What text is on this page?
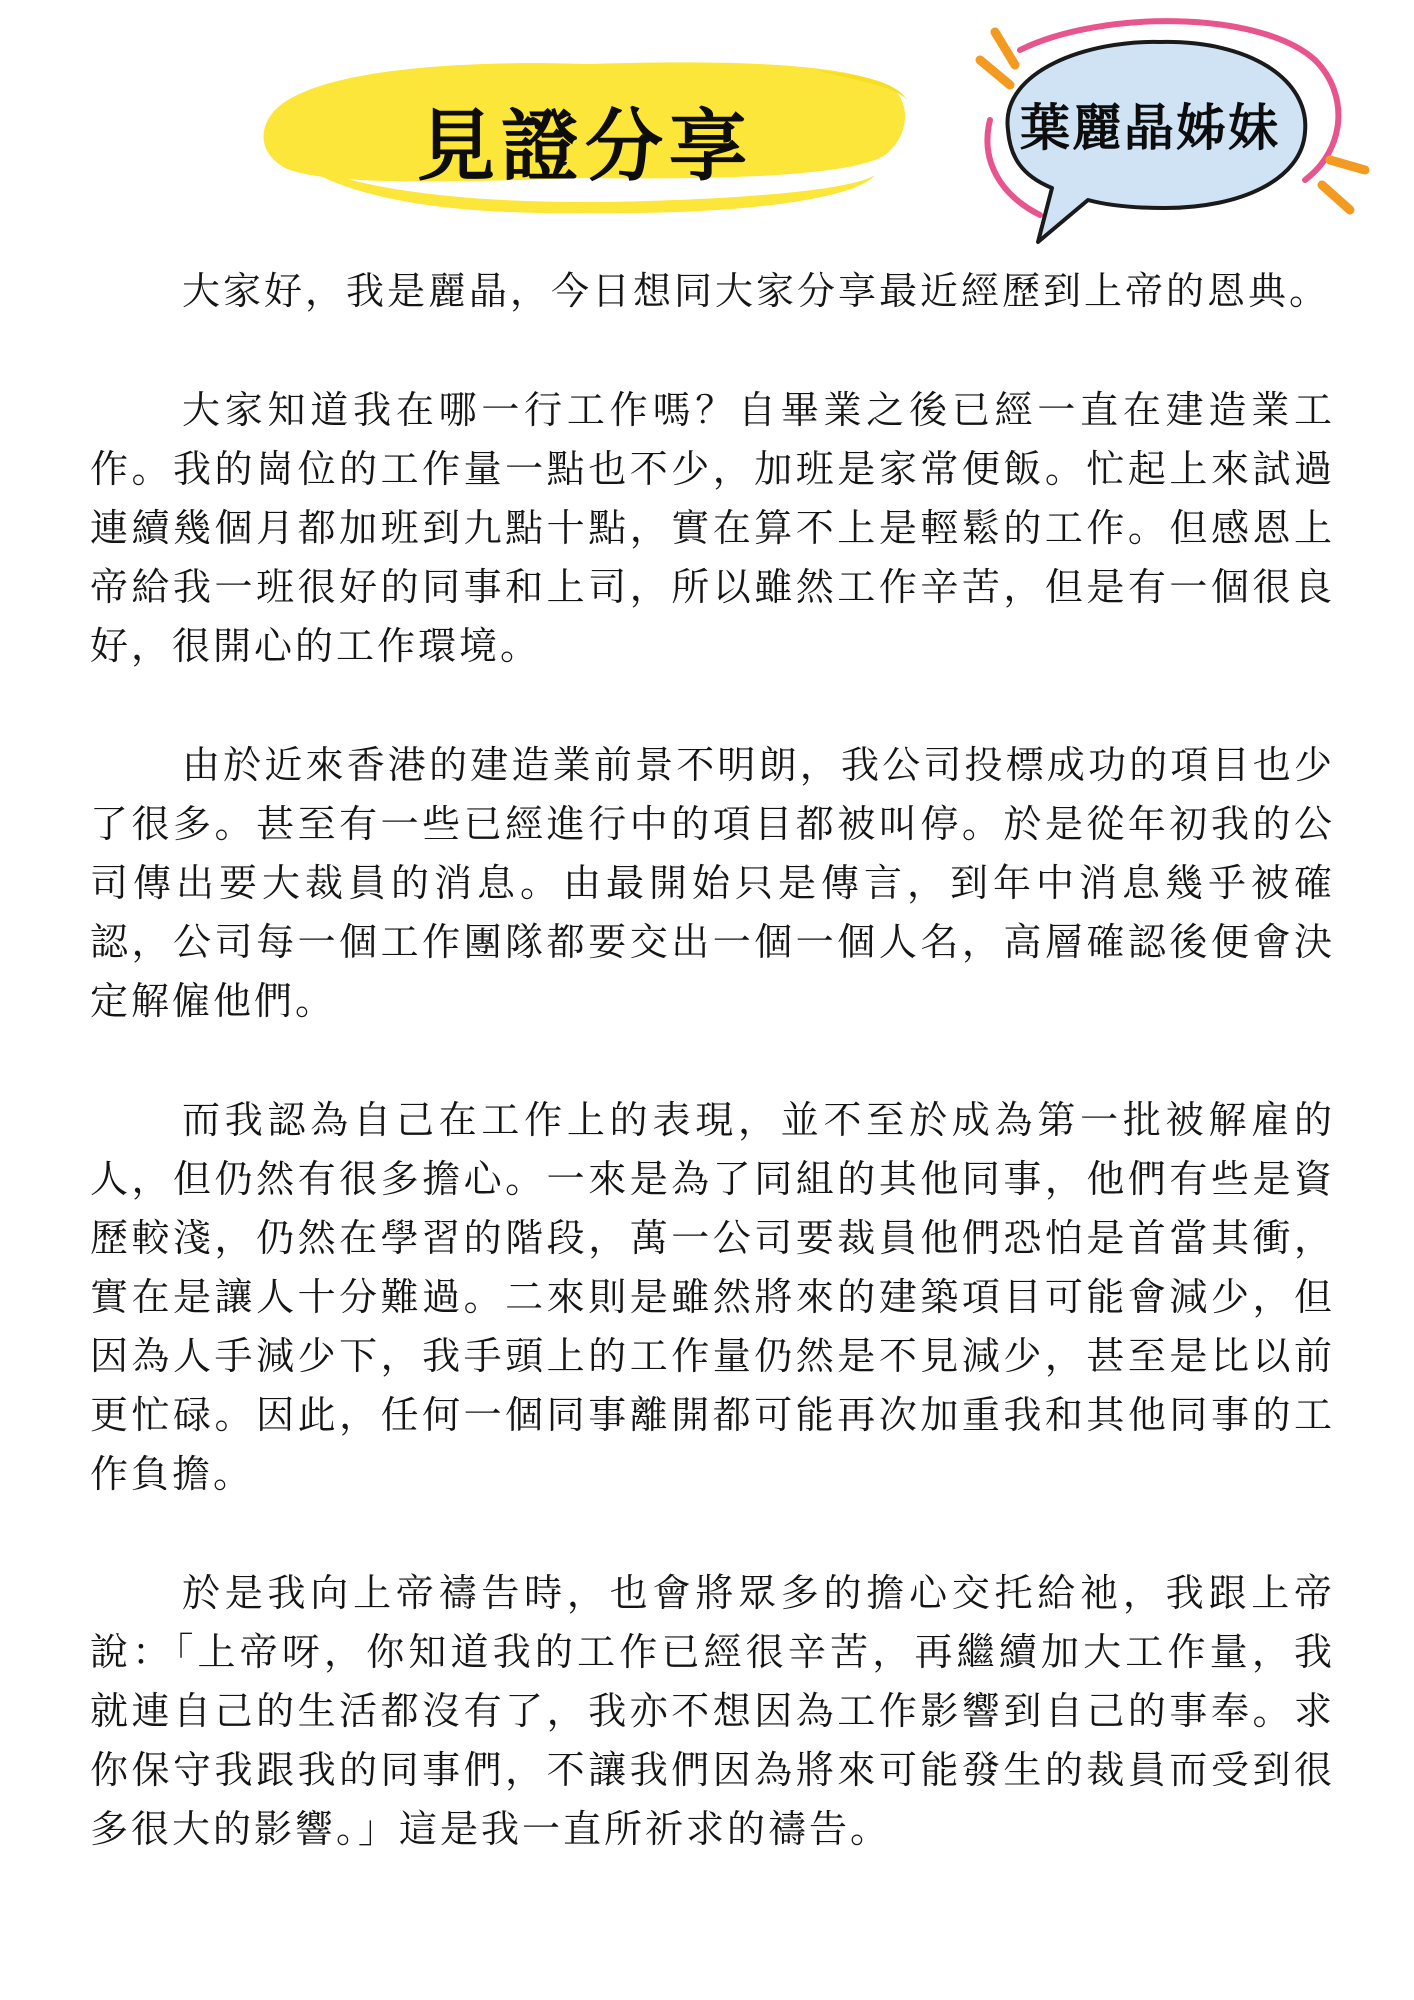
見證分享	葉麗晶姊妹

大家好，我是麗晶，今日想同大家分享最近經歷到上帝的恩典。

大家知道我在哪一行工作嗎？自畢業之後已經一直在建造業工作。我的崗位的工作量一點也不少，加班是家常便飯。忙起上來試過連續幾個月都加班到九點十點，實在算不上是輕鬆的工作。但感恩上帝給我一班很好的同事和上司，所以雖然工作辛苦，但是有一個很良好，很開心的工作環境。

由於近來香港的建造業前景不明朗，我公司投標成功的項目也少了很多。甚至有一些已經進行中的項目都被叫停。於是從年初我的公司傳出要大裁員的消息。由最開始只是傳言，到年中消息幾乎被確認，公司每一個工作團隊都要交出一個一個人名，高層確認後便會決定解僱他們。

而我認為自己在工作上的表現，並不至於成為第一批被解雇的人，但仍然有很多擔心。一來是為了同組的其他同事，他們有些是資歷較淺，仍然在學習的階段，萬一公司要裁員他們恐怕是首當其衝，實在是讓人十分難過。二來則是雖然將來的建築項目可能會減少，但因為人手減少下，我手頭上的工作量仍然是不見減少，甚至是比以前更忙碌。因此，任何一個同事離開都可能再次加重我和其他同事的工作負擔。

於是我向上帝禱告時，也會將眾多的擔心交托給祂，我跟上帝說：「上帝呀，你知道我的工作已經很辛苦，再繼續加大工作量，我就連自己的生活都沒有了，我亦不想因為工作影響到自己的事奉。求你保守我跟我的同事們，不讓我們因為將來可能發生的裁員而受到很多很大的影響。」這是我一直所祈求的禱告。
